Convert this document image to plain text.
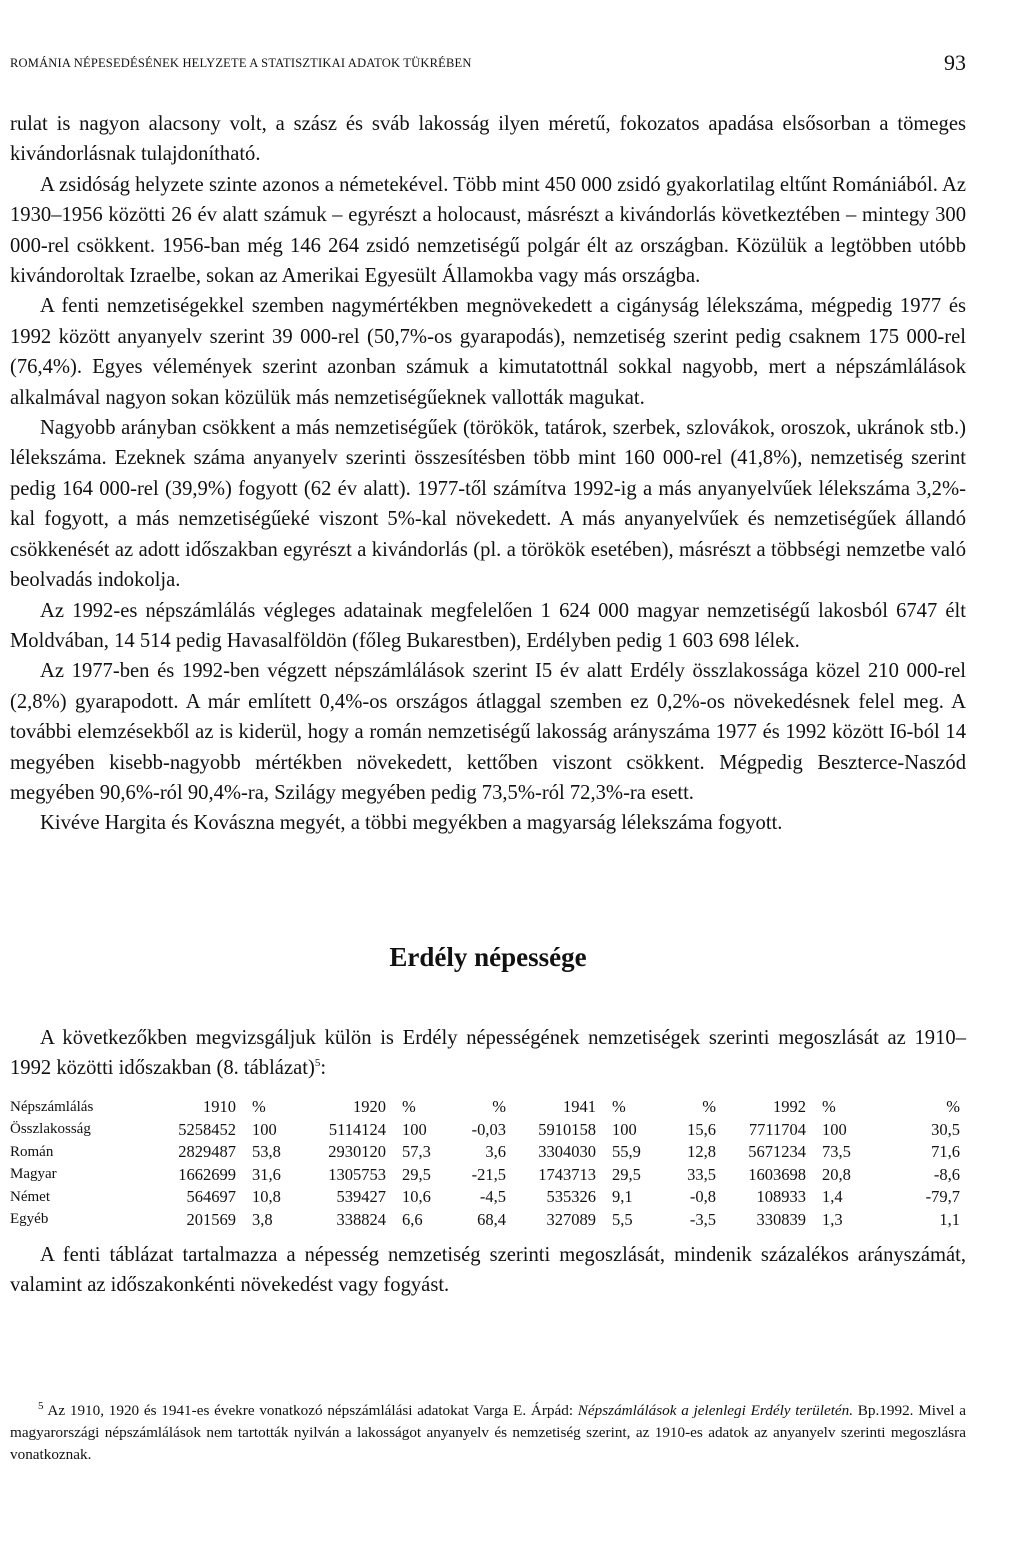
ROMÁNIA NÉPESEDÉSÉNEK HELYZETE A STATISZTIKAI ADATOK TÜKRÉBEN	93

rulat is nagyon alacsony volt, a szász és sváb lakosság ilyen méretű, fokozatos apadása elsősorban a tömeges kivándorlásnak tulajdonítható.

A zsidóság helyzete szinte azonos a németekével. Több mint 450 000 zsidó gyakorlatilag eltűnt Romániából. Az 1930–1956 közötti 26 év alatt számuk – egyrészt a holocaust, másrészt a kivándorlás következtében – mintegy 300 000-rel csökkent. 1956-ban még 146 264 zsidó nemzetiségű polgár élt az országban. Közülük a legtöbben utóbb kivándoroltak Izraelbe, sokan az Amerikai Egyesült Államokba vagy más országba.

A fenti nemzetiségekkel szemben nagymértékben megnövekedett a cigányság lélekszáma, mégpedig 1977 és 1992 között anyanyelv szerint 39 000-rel (50,7%-os gyarapodás), nemzetiség szerint pedig csaknem 175 000-rel (76,4%). Egyes vélemények szerint azonban számuk a kimutatottnál sokkal nagyobb, mert a népszámlálások alkalmával nagyon sokan közülük más nemzetiségűeknek vallották magukat.

Nagyobb arányban csökkent a más nemzetiségűek (törökök, tatárok, szerbek, szlovákok, oroszok, ukránok stb.) lélekszáma. Ezeknek száma anyanyelv szerinti összesítésben több mint 160 000-rel (41,8%), nemzetiség szerint pedig 164 000-rel (39,9%) fogyott (62 év alatt). 1977-től számítva 1992-ig a más anyanyelvűek lélekszáma 3,2%-kal fogyott, a más nemzetiségűeké viszont 5%-kal növekedett. A más anyanyelvűek és nemzetiségűek állandó csökkenését az adott időszakban egyrészt a kivándorlás (pl. a törökök esetében), másrészt a többségi nemzetbe való beolvadás indokolja.

Az 1992-es népszámlálás végleges adatainak megfelelően 1 624 000 magyar nemzetiségű lakosból 6747 élt Moldvában, 14 514 pedig Havasalföldön (főleg Bukarestben), Erdélyben pedig 1 603 698 lélek.

Az 1977-ben és 1992-ben végzett népszámlálások szerint I5 év alatt Erdély összlakossága közel 210 000-rel (2,8%) gyarapodott. A már említett 0,4%-os országos átlaggal szemben ez 0,2%-os növekedésnek felel meg. A további elemzésekből az is kiderül, hogy a román nemzetiségű lakosság arányszáma 1977 és 1992 között I6-ból 14 megyében kisebb-nagyobb mértékben növekedett, kettőben viszont csökkent. Mégpedig Beszterce-Naszód megyében 90,6%-ról 90,4%-ra, Szilágy megyében pedig 73,5%-ról 72,3%-ra esett.

Kivéve Hargita és Kovászna megyét, a többi megyékben a magyarság lélekszáma fogyott.

Erdély népessége

A következőkben megvizsgáljuk külön is Erdély népességének nemzetiségek szerinti megoszlását az 1910–1992 közötti időszakban (8. táblázat)$^5$:

Népszámlálás	1910	%	1920	%	%	1941	%	%	1992	%	%
Összlakosság	5258452	100	5114124	100	-0,03	5910158	100	15,6	7711704	100	30,5
Román	2829487	53,8	2930120	57,3	3,6	3304030	55,9	12,8	5671234	73,5	71,6
Magyar	1662699	31,6	1305753	29,5	-21,5	1743713	29,5	33,5	1603698	20,8	-8,6
Német	564697	10,8	539427	10,6	-4,5	535326	9,1	-0,8	108933	1,4	-79,7
Egyéb	201569	3,8	338824	6,6	68,4	327089	5,5	-3,5	330839	1,3	1,1

A fenti táblázat tartalmazza a népesség nemzetiség szerinti megoszlását, mindenik százalékos arányszámát, valamint az időszakonkénti növekedést vagy fogyást.

$^5$ Az 1910, 1920 és 1941-es évekre vonatkozó népszámlálási adatokat Varga E. Árpád: Népszámlálások a jelenlegi Erdély területén. Bp.1992. Mivel a magyarországi népszámlálások nem tartották nyilván a lakosságot anyanyelv és nemzetiség szerint, az 1910-es adatok az anyanyelv szerinti megoszlásra vonatkoznak.
